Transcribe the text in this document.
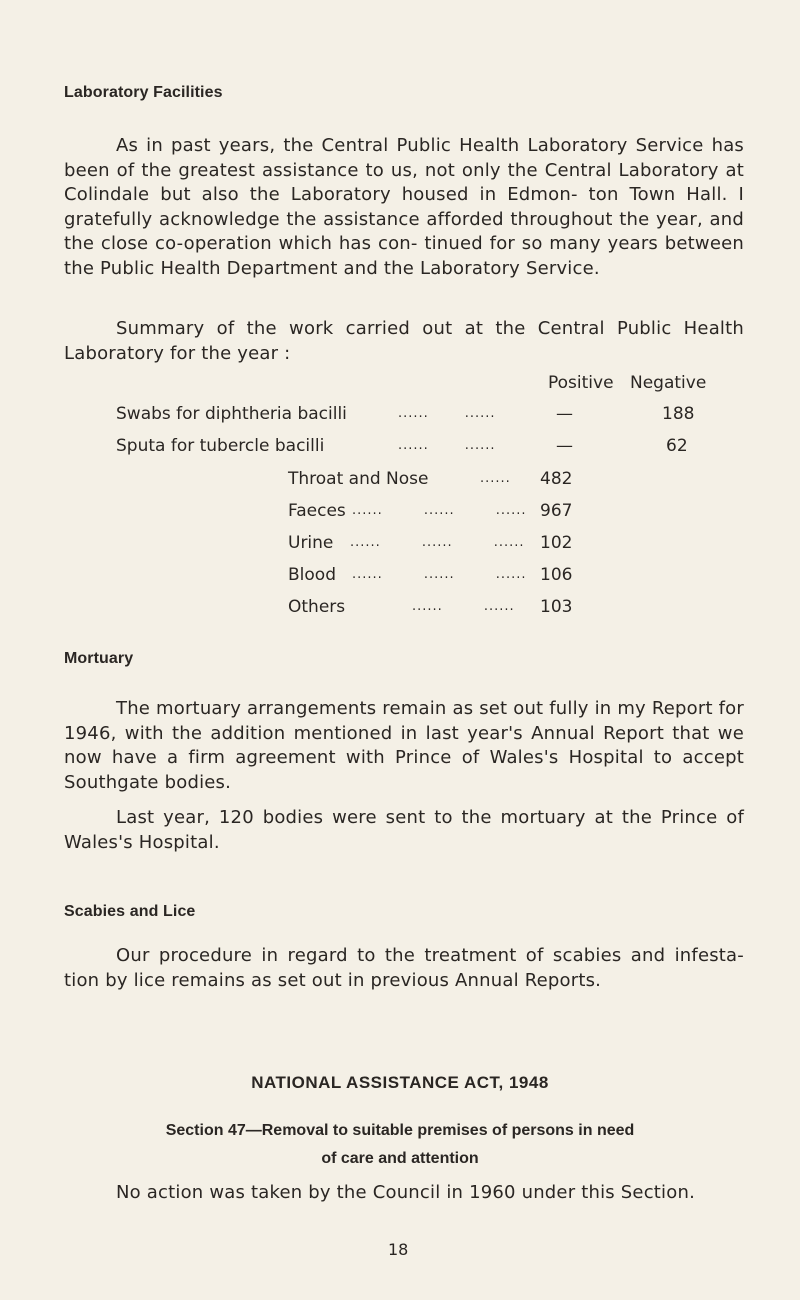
Laboratory Facilities

As in past years, the Central Public Health Laboratory Service has been of the greatest assistance to us, not only the Central Laboratory at Colindale but also the Laboratory housed in Edmon- ton Town Hall. I gratefully acknowledge the assistance afforded throughout the year, and the close co-operation which has con- tinued for so many years between the Public Health Department and the Laboratory Service.

Summary of the work carried out at the Central Public Health Laboratory for the year :

Positive Negative
Swabs for diphtheria bacilli	......       ......	—	188
Sputa for tubercle bacilli	......       ......	—	62
Throat and Nose	...... 482
Faeces ......        ......        ...... 967
Urine ......        ......        ...... 102
Blood ......        ......        ...... 106
Others	......        ...... 103
Mortuary

The mortuary arrangements remain as set out fully in my Report for 1946, with the addition mentioned in last year's Annual Report that we now have a firm agreement with Prince of Wales's Hospital to accept Southgate bodies.

Last year, 120 bodies were sent to the mortuary at the Prince of Wales's Hospital.

Scabies and Lice

Our procedure in regard to the treatment of scabies and infesta- tion by lice remains as set out in previous Annual Reports.

NATIONAL ASSISTANCE ACT, 1948
Section 47—Removal to suitable premises of persons in need
of care and attention

No action was taken by the Council in 1960 under this Section.

18
